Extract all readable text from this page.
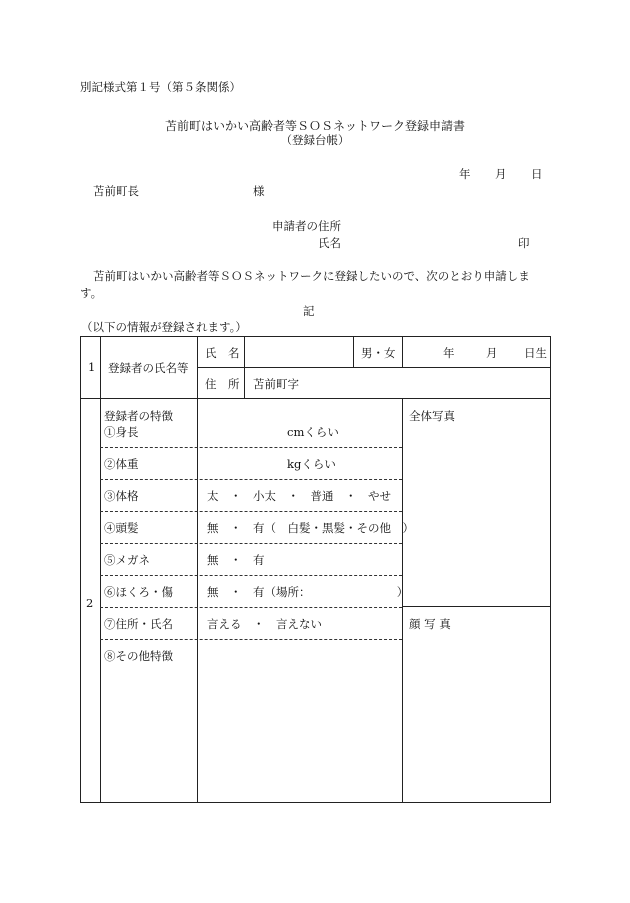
別記様式第１号（第５条関係）
苫前町はいかい高齢者等ＳＯＳネットワーク登録申請書
（登録台帳）
年 月 日
苫前町長	様
申請者の住所
氏名	印
苫前町はいかい高齢者等ＳＯＳネットワークに登録したいので、次のとおり申請しま
す。
記
（以下の情報が登録されます。）
1 登録者の氏名等
氏　名	男・女	年	月 日生
住　所 苫前町字
2
登録者の特徴
①身長	cmくらい
②体重	kgくらい
③体格	太　・　小太　・　普通　・　やせ
④頭髪	無　・　有（　白髪・黒髪・その他　）
⑤メガネ	無　・　有
⑥ほくろ・傷	無　・　有（場所：　　　　　　　　）
⑦住所・氏名	言える　・　言えない
⑧その他特徴
全体写真
顔 写 真
